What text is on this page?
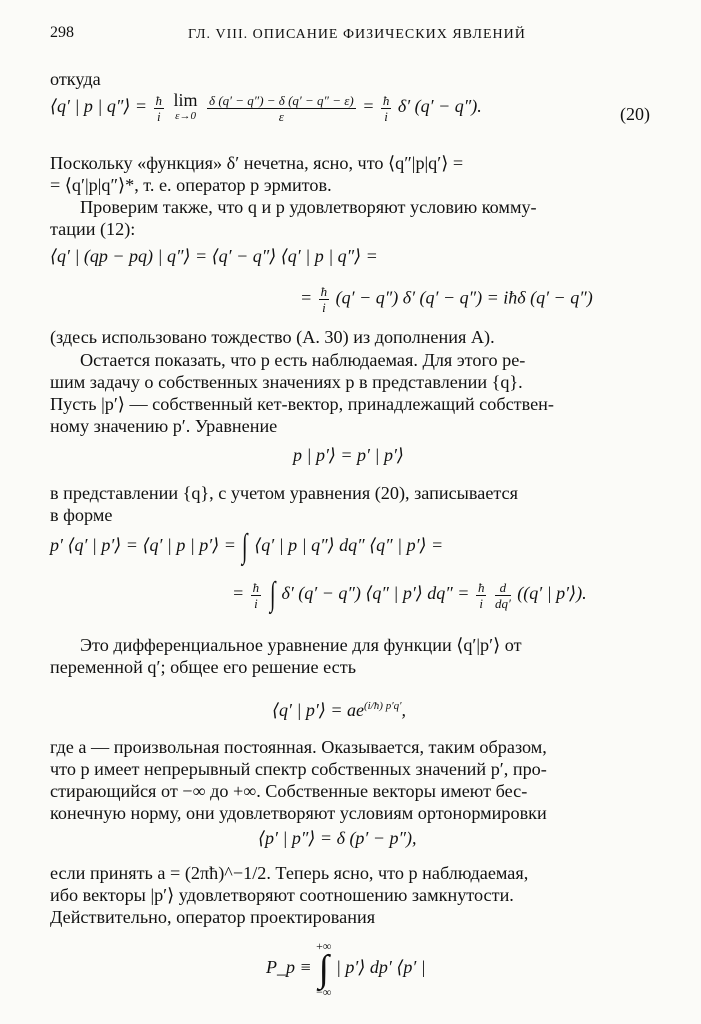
298	ГЛ. VIII. ОПИСАНИЕ ФИЗИЧЕСКИХ ЯВЛЕНИЙ
откуда
⟨q′ | p | q″⟩ = $\frac{ħ}{i}$ lim
ε→0
$\frac{\delta (q' - q'') - \delta (q' - q'' - \varepsilon)}{\varepsilon} = \frac{ħ}{i} \delta'$ (q′ − q″).	(20)
Поскольку «функция» δ′ нечетна, ясно, что ⟨q″|p|q′⟩ =
= ⟨q′|p|q″⟩*, т. е. оператор p эрмитов.
Проверим также, что q и p удовлетворяют условию комму-
тации (12):
⟨q′ | (qp − pq) | q″⟩ = ⟨q′ − q″⟩ ⟨q′ | p | q″⟩ =
= $\frac{ħ}{i} (q' - q'')$ δ′ (q′ − q″) = iħδ (q′ − q″)
(здесь использовано тождество (A. 30) из дополнения A).
Остается показать, что p есть наблюдаемая. Для этого ре-
шим задачу о собственных значениях p в представлении {q}.
Пусть |p′⟩ — собственный кет-вектор, принадлежащий собствен-
ному значению p′. Уравнение
p | p′⟩ = p′ | p′⟩
в представлении {q}, с учетом уравнения (20), записывается
в форме
p′ ⟨q′ | p′⟩ = ⟨q′ | p | p′⟩ = ∫ ⟨q′ | p | q″⟩ dq″ ⟨q″ | p′⟩ =
= $\frac{ħ}{i}$ ∫ δ′ (q′ − q″) ⟨q″ | p′⟩ $dq'' = \frac{ħ}{i}$
$\frac{d}{dq'} ((q'$ | p′⟩).
Это дифференциальное уравнение для функции ⟨q′|p′⟩ от
переменной q′; общее его решение есть
⟨q′ | p′⟩ = $ae^{(i/ħ) p'q'}$,
где a — произвольная постоянная. Оказывается, таким образом,
что p имеет непрерывный спектр собственных значений p′, про-
стирающийся от −∞ до +∞. Собственные векторы имеют бес-
конечную норму, они удовлетворяют условиям ортонормировки
⟨p′ | p″⟩ = δ (p′ − p″),
если принять a = (2πħ)^−1/2. Теперь ясно, что p наблюдаемая,
ибо векторы |p′⟩ удовлетворяют соотношению замкнутости.
Действительно, оператор проектирования
P_p ≡
+∞
∫
−∞
| p′⟩ dp′ ⟨p′ |
